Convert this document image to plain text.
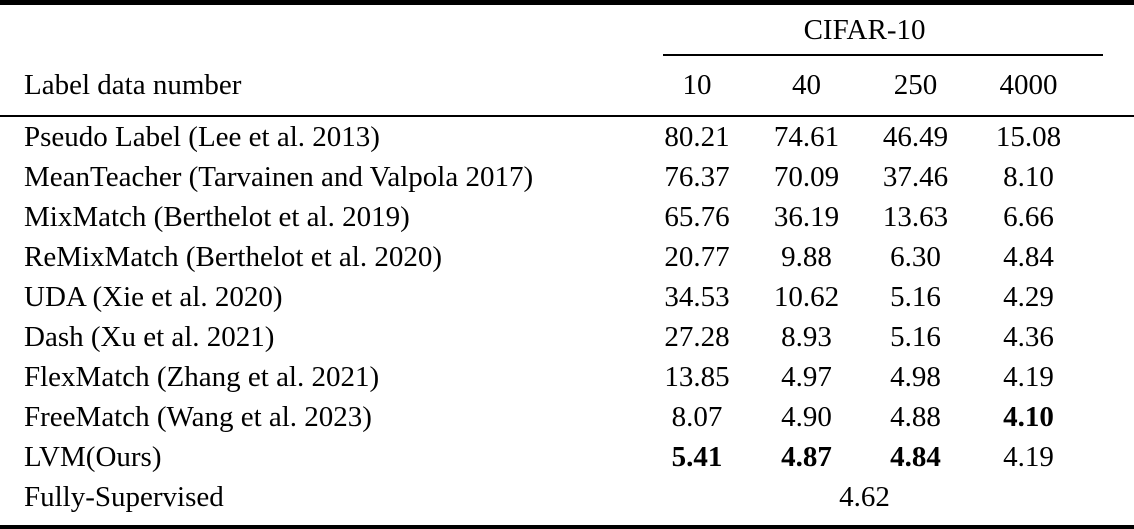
	CIFAR-10			

Label data number	10	40	250	4000
Pseudo Label (Lee et al. 2013)	80.21	74.61	46.49	15.08
MeanTeacher (Tarvainen and Valpola 2017)	76.37	70.09	37.46	8.10
MixMatch (Berthelot et al. 2019)	65.76	36.19	13.63	6.66
ReMixMatch (Berthelot et al. 2020)	20.77	9.88	6.30	4.84
UDA (Xie et al. 2020)	34.53	10.62	5.16	4.29
Dash (Xu et al. 2021)	27.28	8.93	5.16	4.36
FlexMatch (Zhang et al. 2021)	13.85	4.97	4.98	4.19
FreeMatch (Wang et al. 2023)	8.07	4.90	4.88	4.10
LVM(Ours)	5.41	4.87	4.84	4.19
Fully-Supervised	4.62			
